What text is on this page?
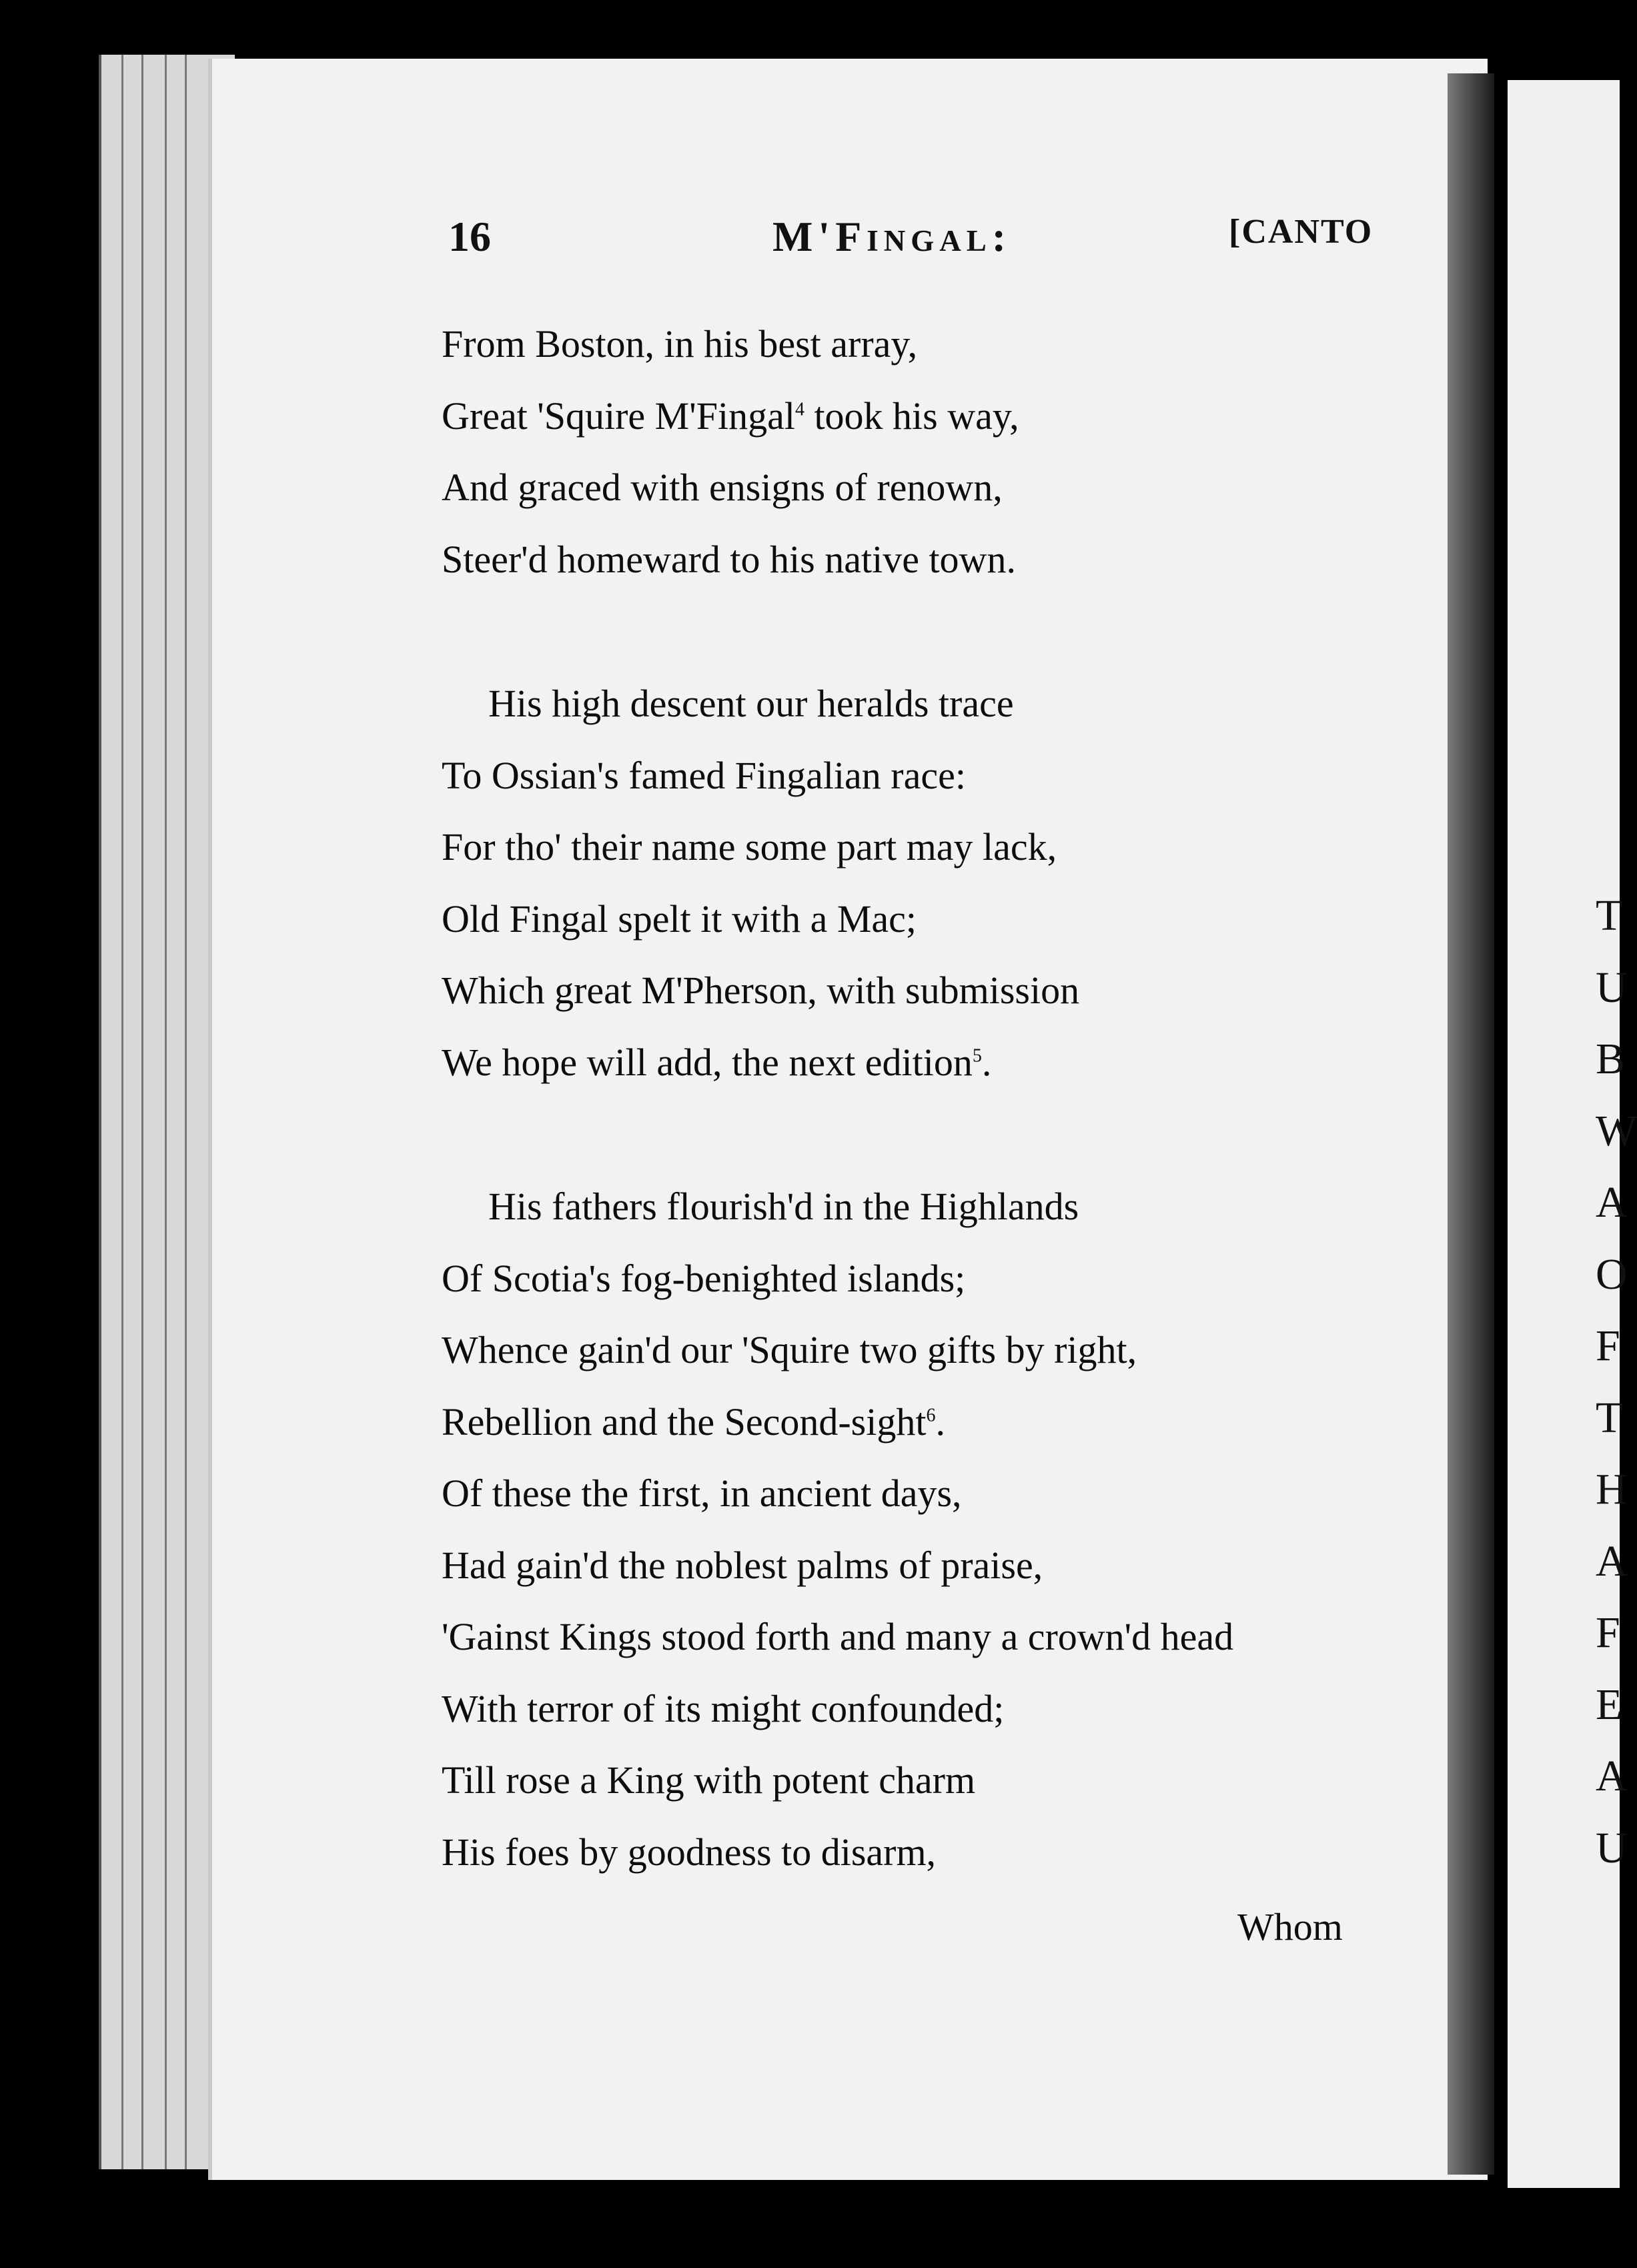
T
U
B
W
A
O
F
T
H
A
F
E
A
U
16	M'Fingal:	[CANTO
From Boston, in his best array,
Great 'Squire M'Fingal$^4$ took his way,
And graced with ensigns of renown,
Steer'd homeward to his native town.
His high descent our heralds trace
To Ossian's famed Fingalian race:
For tho' their name some part may lack,
Old Fingal spelt it with a Mac;
Which great M'Pherson, with submission
We hope will add, the next edition$^5$.
His fathers flourish'd in the Highlands
Of Scotia's fog-benighted islands;
Whence gain'd our 'Squire two gifts by right,
Rebellion and the Second-sight$^6$.
Of these the first, in ancient days,
Had gain'd the noblest palms of praise,
'Gainst Kings stood forth and many a crown'd head
With terror of its might confounded;
Till rose a King with potent charm
His foes by goodness to disarm,
Whom
